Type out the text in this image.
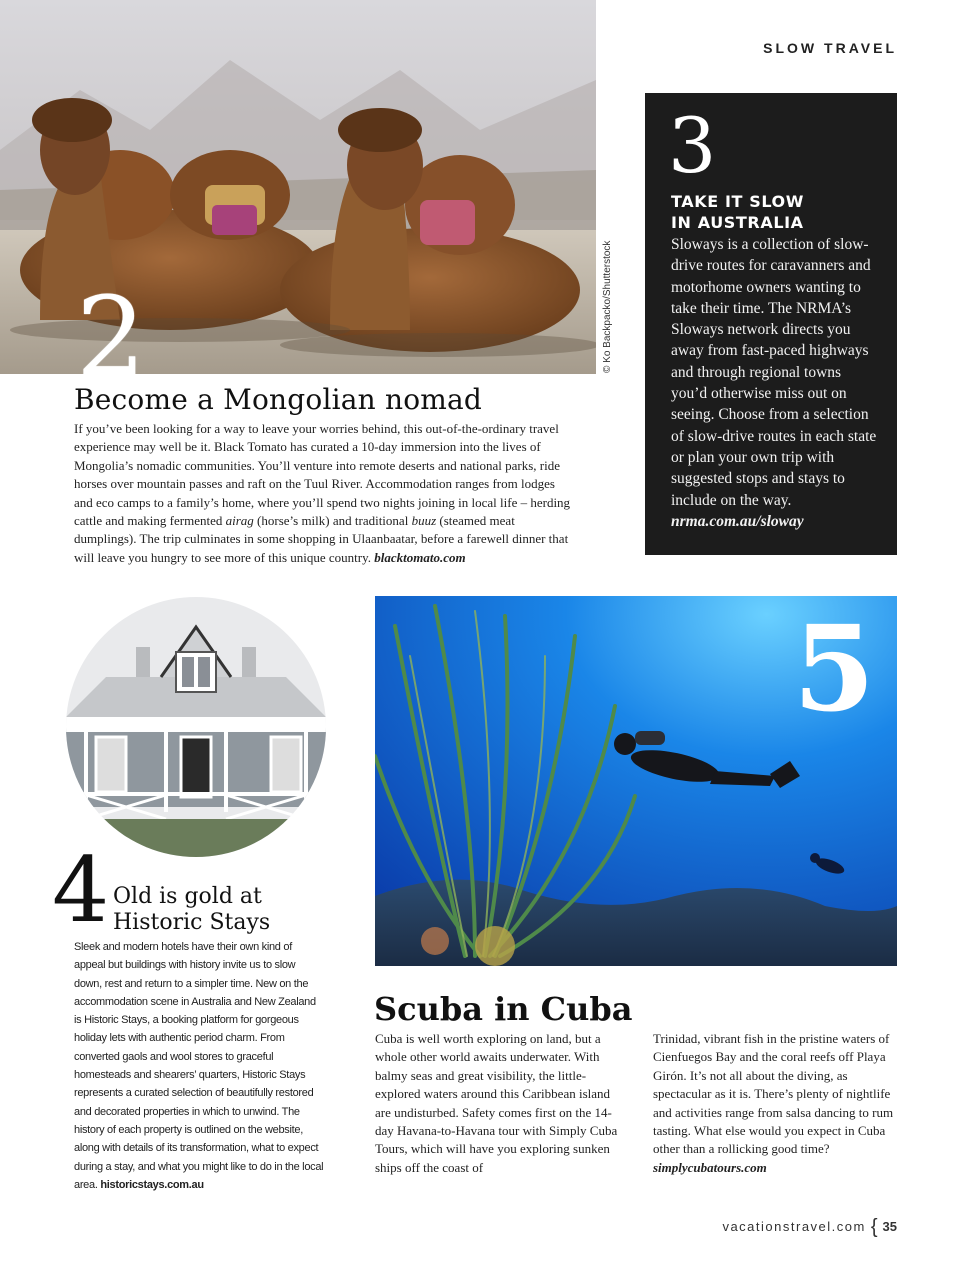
SLOW TRAVEL
© Ko Backpacko/Shutterstock
2
Become a Mongolian nomad

If you’ve been looking for a way to leave your worries behind, this out-of-the-ordinary travel experience may well be it. Black Tomato has curated a 10-day immersion into the lives of Mongolia’s nomadic communities. You’ll venture into remote deserts and national parks, ride horses over mountain passes and raft on the Tuul River. Accommodation ranges from lodges and eco camps to a family’s home, where you’ll spend two nights joining in local life – herding cattle and making fermented airag (horse’s milk) and traditional buuz (steamed meat dumplings). The trip culminates in some shopping in Ulaanbaatar, before a farewell dinner that will leave you hungry to see more of this unique country. blacktomato.com

TAKE IT SLOW
IN AUSTRALIA
Sloways is a collection of slow-drive routes for caravanners and motorhome owners wanting to take their time. The NRMA’s Sloways network directs you away from fast-paced highways and through regional towns you’d otherwise miss out on seeing. Choose from a selection of slow-drive routes in each state or plan your own trip with suggested stops and stays to include on the way. nrma.com.au/sloway
3
4 Old is gold at
Historic Stays
Sleek and modern hotels have their own kind of appeal but buildings with history invite us to slow down, rest and return to a simpler time. New on the accommodation scene in Australia and New Zealand is Historic Stays, a booking platform for gorgeous holiday lets with authentic period charm. From converted gaols and wool stores to graceful homesteads and shearers’ quarters, Historic Stays represents a curated selection of beautifully restored and decorated properties in which to unwind. The history of each property is outlined on the website, along with details of its transformation, what to expect during a stay, and what you might like to do in the local area. historicstays.com.au
5
Scuba in Cuba
Cuba is well worth exploring on land, but a whole other world awaits underwater. With balmy seas and great visibility, the little-explored waters around this Caribbean island are undisturbed. Safety comes first on the 14-day Havana-to-Havana tour with Simply Cuba Tours, which will have you exploring sunken ships off the coast of
Trinidad, vibrant fish in the pristine waters of Cienfuegos Bay and the coral reefs off Playa Girón. It’s not all about the diving, as spectacular as it is. There’s plenty of nightlife and activities range from salsa dancing to rum tasting. What else would you expect in Cuba other than a rollicking good time? simplycubatours.com
vacationstravel.com { 35
